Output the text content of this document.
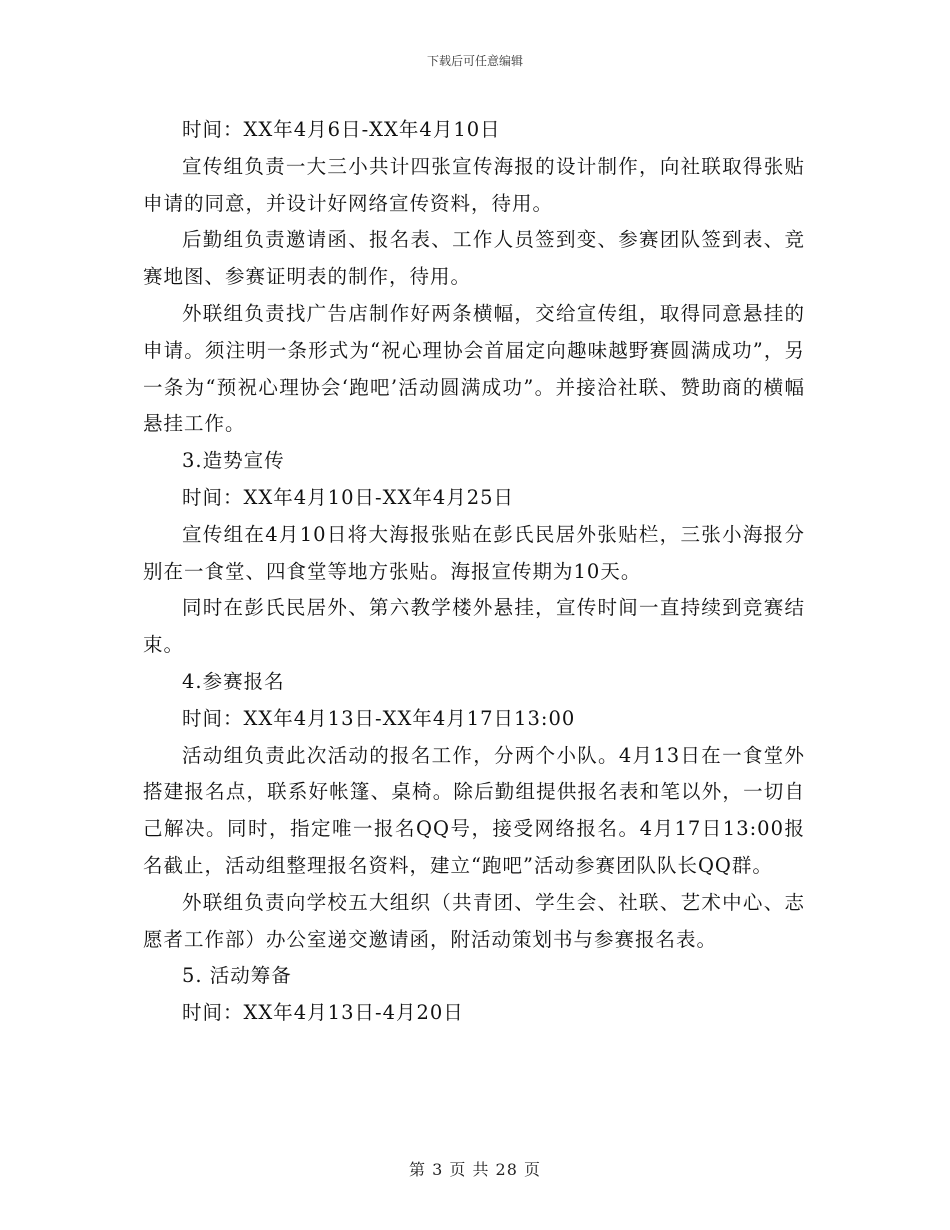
下载后可任意编辑

时间：XX年4月6日-XX年4月10日

宣传组负责一大三小共计四张宣传海报的设计制作，向社联取得张贴申请的同意，并设计好网络宣传资料，待用。

后勤组负责邀请函、报名表、工作人员签到变、参赛团队签到表、竞赛地图、参赛证明表的制作，待用。

外联组负责找广告店制作好两条横幅，交给宣传组，取得同意悬挂的申请。须注明一条形式为“祝心理协会首届定向趣味越野赛圆满成功”，另一条为“预祝心理协会‘跑吧’活动圆满成功”。并接洽社联、赞助商的横幅悬挂工作。

3.造势宣传

时间：XX年4月10日-XX年4月25日

宣传组在4月10日将大海报张贴在彭氏民居外张贴栏，三张小海报分别在一食堂、四食堂等地方张贴。海报宣传期为10天。

同时在彭氏民居外、第六教学楼外悬挂，宣传时间一直持续到竞赛结束。

4.参赛报名

时间：XX年4月13日-XX年4月17日13:00

活动组负责此次活动的报名工作，分两个小队。4月13日在一食堂外搭建报名点，联系好帐篷、桌椅。除后勤组提供报名表和笔以外，一切自己解决。同时，指定唯一报名QQ号，接受网络报名。4月17日13:00报名截止，活动组整理报名资料，建立“跑吧”活动参赛团队队长QQ群。

外联组负责向学校五大组织（共青团、学生会、社联、艺术中心、志愿者工作部）办公室递交邀请函，附活动策划书与参赛报名表。

5. 活动筹备

时间：XX年4月13日-4月20日

第 3 页 共 28 页
